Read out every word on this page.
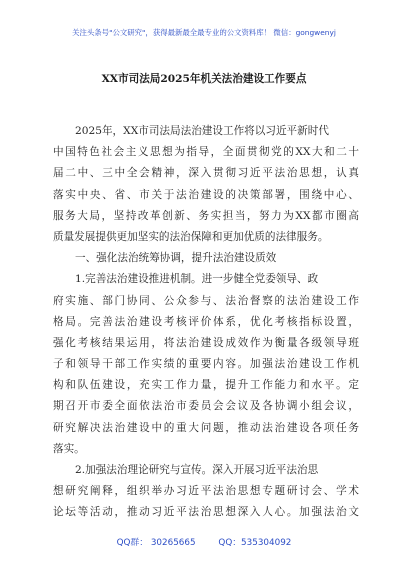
关注头条号"公文研究"，获得最新最全最专业的公文资料库！ 微信：gongwenyj
XX市司法局2025年机关法治建设工作要点
2025年，XX市司法局法治建设工作将以习近平新时代
中国特色社会主义思想为指导，全面贯彻党的XX大和二十
届二中、三中全会精神，深入贯彻习近平法治思想，认真
落实中央、省、市关于法治建设的决策部署，围绕中心、
服务大局，坚持改革创新、务实担当，努力为XX都市圈高
质量发展提供更加坚实的法治保障和更加优质的法律服务。
一、强化法治统筹协调，提升法治建设质效
1.完善法治建设推进机制。进一步健全党委领导、政
府实施、部门协同、公众参与、法治督察的法治建设工作
格局。完善法治建设考核评价体系，优化考核指标设置，
强化考核结果运用，将法治建设成效作为衡量各级领导班
子和领导干部工作实绩的重要内容。加强法治建设工作机
构和队伍建设，充实工作力量，提升工作能力和水平。定
期召开市委全面依法治市委员会会议及各协调小组会议，
研究解决法治建设中的重大问题，推动法治建设各项任务
落实。
2.加强法治理论研究与宣传。深入开展习近平法治思
想研究阐释，组织举办习近平法治思想专题研讨会、学术
论坛等活动，推动习近平法治思想深入人心。加强法治文
QQ群： 30265665	QQ：535304092
